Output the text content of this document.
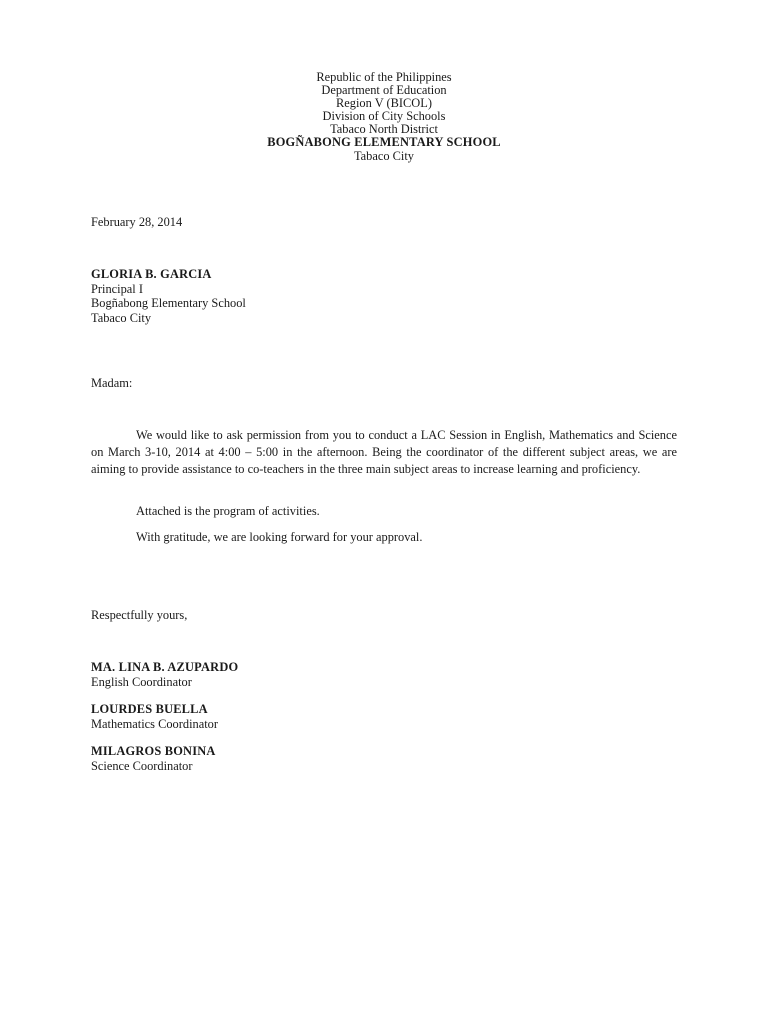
Republic of the Philippines
Department of Education
Region V (BICOL)
Division of City Schools
Tabaco North District
BOGÑABONG ELEMENTARY SCHOOL
Tabaco City
February 28, 2014
GLORIA B. GARCIA
Principal I
Bogñabong Elementary School
Tabaco City
Madam:
We would like to ask permission from you to conduct a LAC Session in English, Mathematics and Science on March 3-10, 2014 at 4:00 – 5:00 in the afternoon. Being the coordinator of the different subject areas, we are aiming to provide assistance to co-teachers in the three main subject areas to increase learning and proficiency.
Attached is the program of activities.
With gratitude, we are looking forward for your approval.
Respectfully yours,
MA. LINA B. AZUPARDO
English Coordinator
LOURDES BUELLA
Mathematics Coordinator
MILAGROS BONINA
Science Coordinator
